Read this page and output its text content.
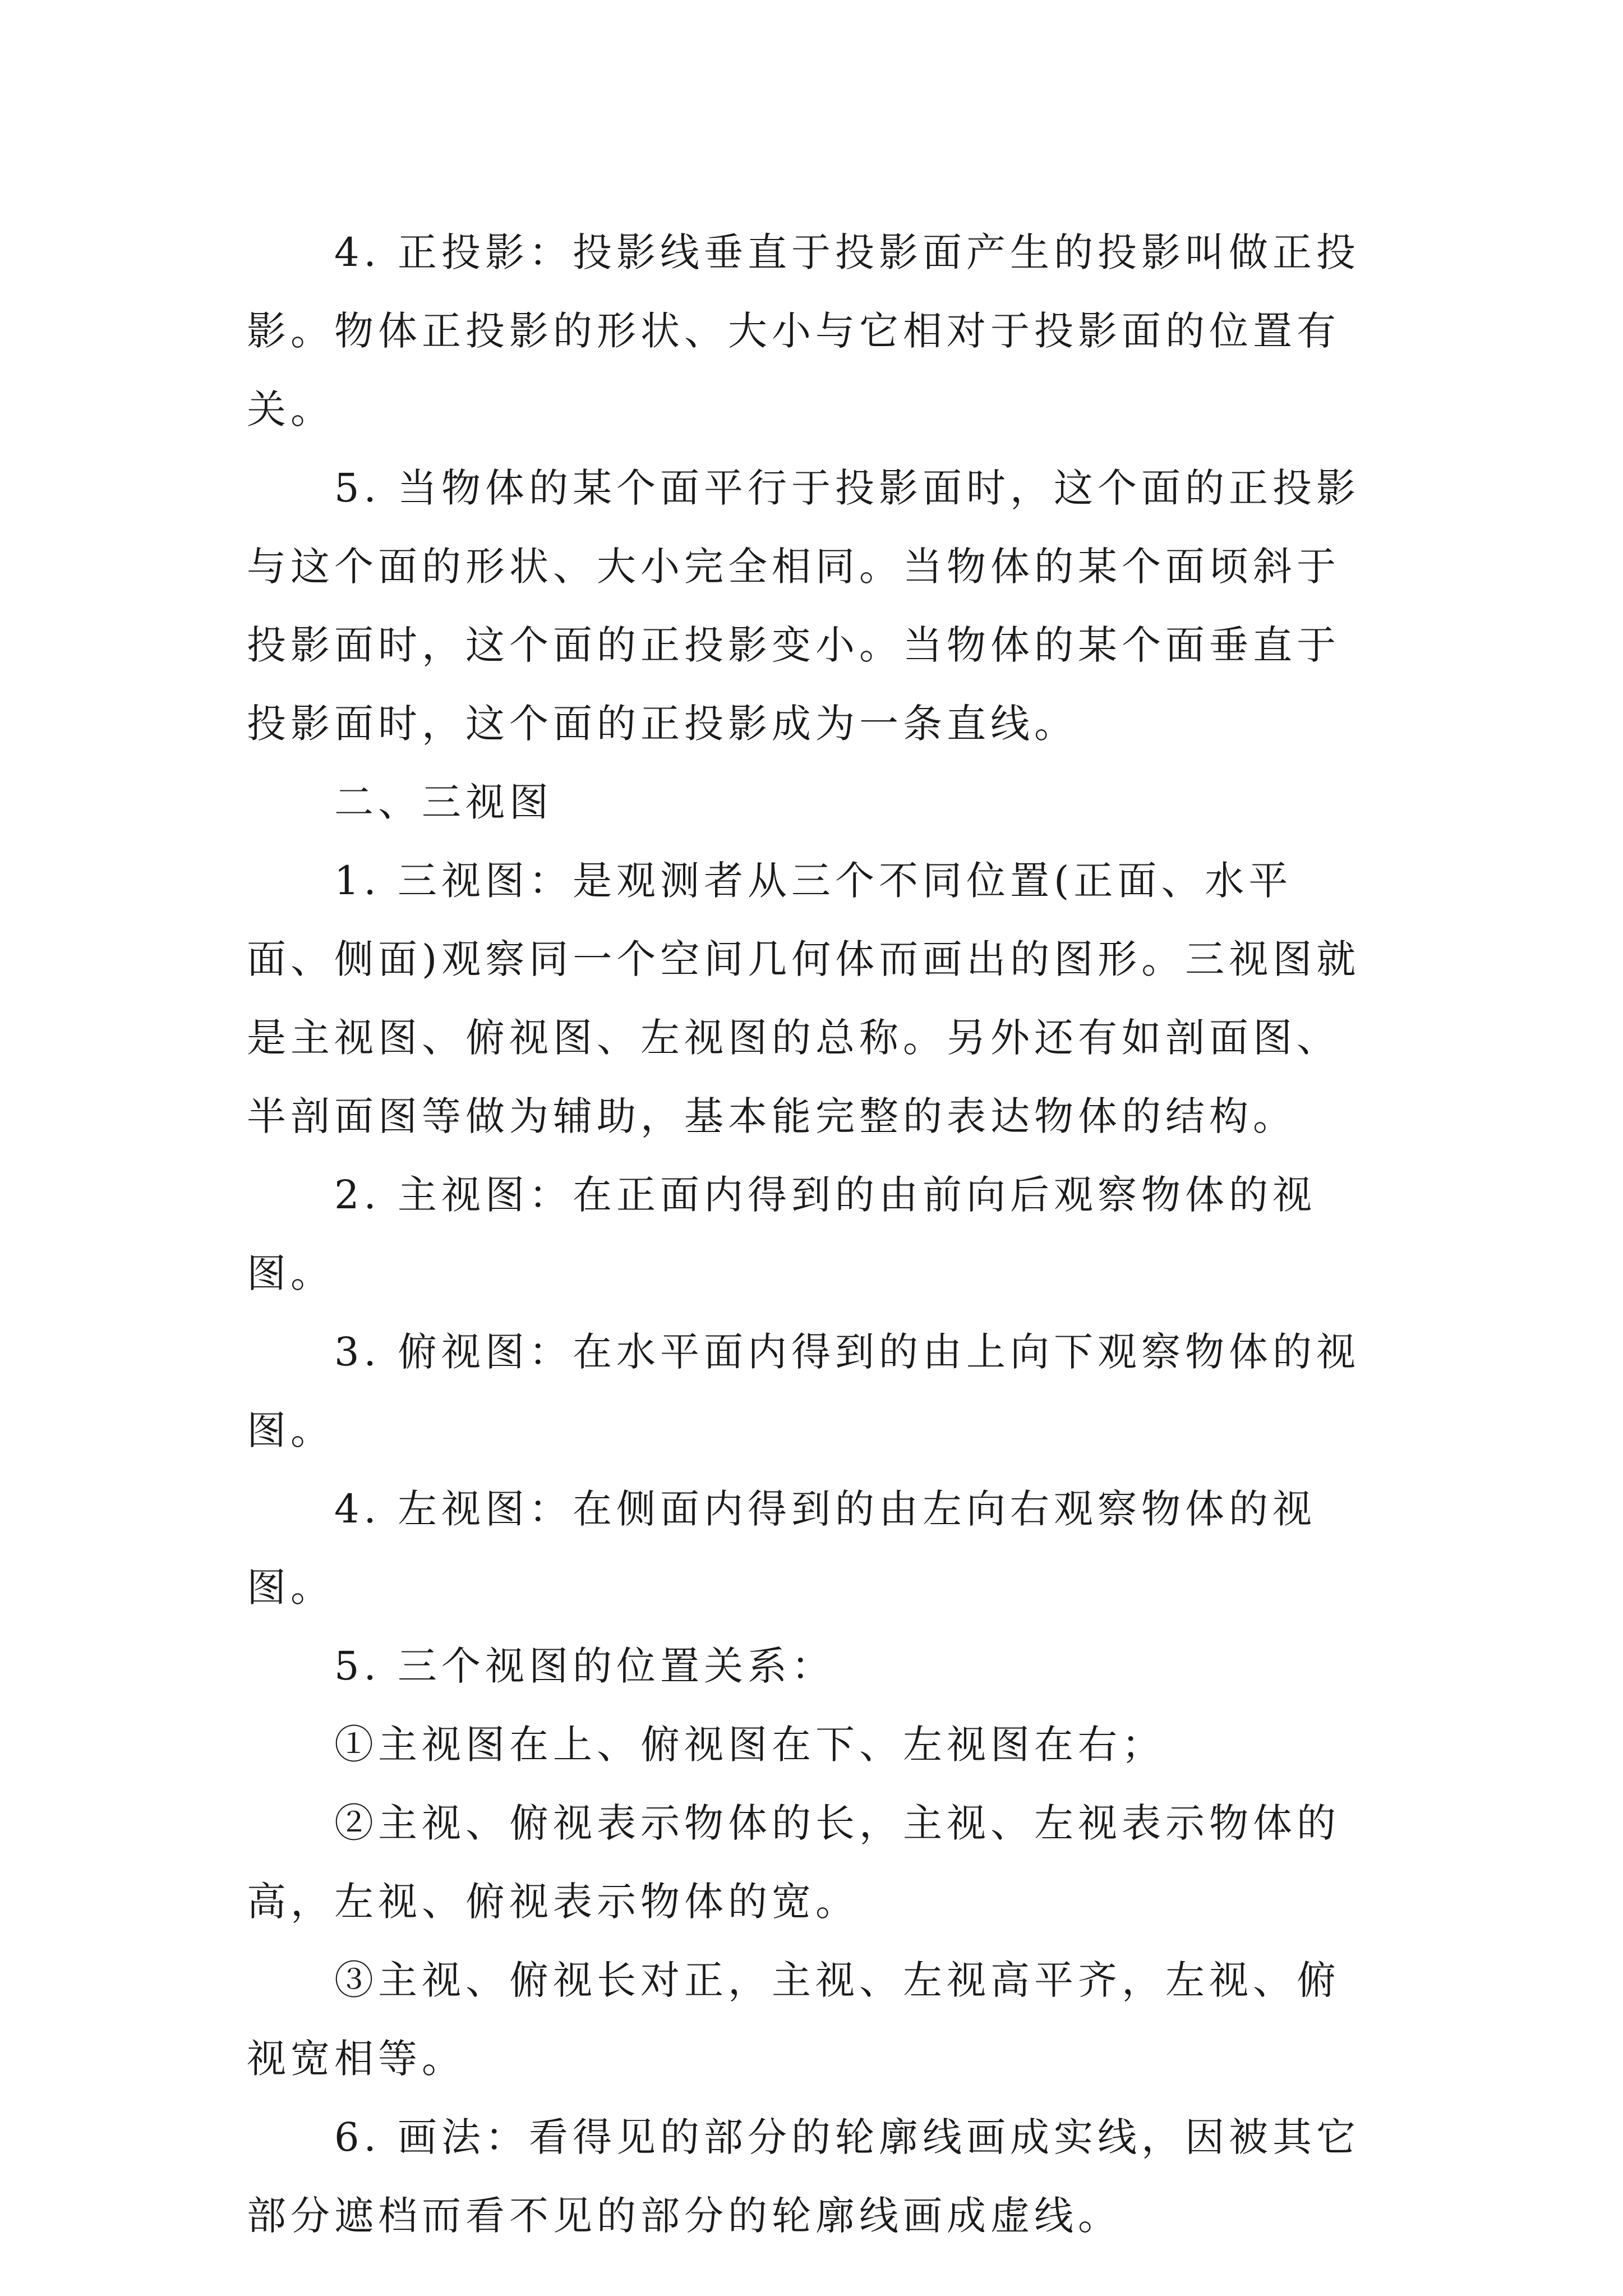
4. 正投影：投影线垂直于投影面产生的投影叫做正投影。物体正投影的形状、大小与它相对于投影面的位置有关。

5. 当物体的某个面平行于投影面时，这个面的正投影与这个面的形状、大小完全相同。当物体的某个面顷斜于投影面时，这个面的正投影变小。当物体的某个面垂直于投影面时，这个面的正投影成为一条直线。

二、三视图

1. 三视图：是观测者从三个不同位置(正面、水平面、侧面)观察同一个空间几何体而画出的图形。三视图就是主视图、俯视图、左视图的总称。另外还有如剖面图、半剖面图等做为辅助，基本能完整的表达物体的结构。

2. 主视图：在正面内得到的由前向后观察物体的视图。

3. 俯视图：在水平面内得到的由上向下观察物体的视图。

4. 左视图：在侧面内得到的由左向右观察物体的视图。

5. 三个视图的位置关系：

①主视图在上、俯视图在下、左视图在右；

②主视、俯视表示物体的长，主视、左视表示物体的高，左视、俯视表示物体的宽。

③主视、俯视长对正，主视、左视高平齐，左视、俯视宽相等。

6. 画法：看得见的部分的轮廓线画成实线，因被其它部分遮档而看不见的部分的轮廓线画成虚线。
